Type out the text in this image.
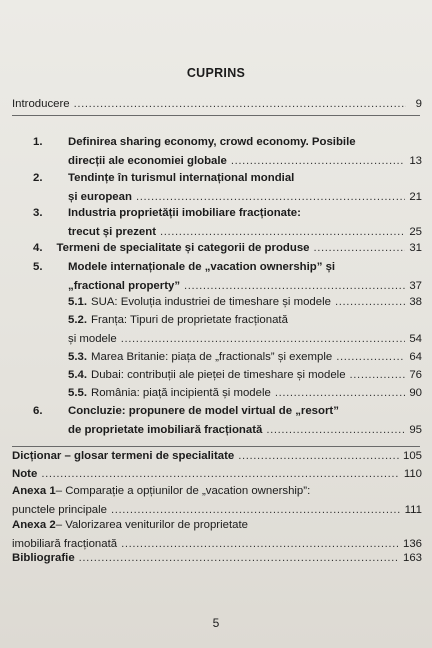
CUPRINS
Introducere .....	9
1.	Definirea sharing economy, crowd economy. Posibile
direcții ale economiei globale .....	13
2.	Tendințe în turismul internațional mondial
și european .....	21
3.	Industria proprietății imobiliare fracționate:
trecut și prezent .....	25
4.	Termeni de specialitate și categorii de produse .....	31
5.	Modele internaționale de „vacation ownership” și
„fractional property” .....	37
5.1. SUA: Evoluția industriei de timeshare și modele .....	38
5.2. Franța: Tipuri de proprietate fracționată
și modele .....	54
5.3. Marea Britanie: piața de „fractionals” și exemple .....	64
5.4. Dubai: contribuții ale pieței de timeshare și modele .....	76
5.5. România: piață incipientă și modele .....	90
6.	Concluzie: propunere de model virtual de „resort”
de proprietate imobiliară fracționată .....	95
Dicționar – glosar termeni de specialitate .....	105
Note .....	110
Anexa 1 – Comparație a opțiunilor de „vacation ownership”:
punctele principale .....	111
Anexa 2 – Valorizarea veniturilor de proprietate
imobiliară fracționată .....	136
Bibliografie .....	163
5
